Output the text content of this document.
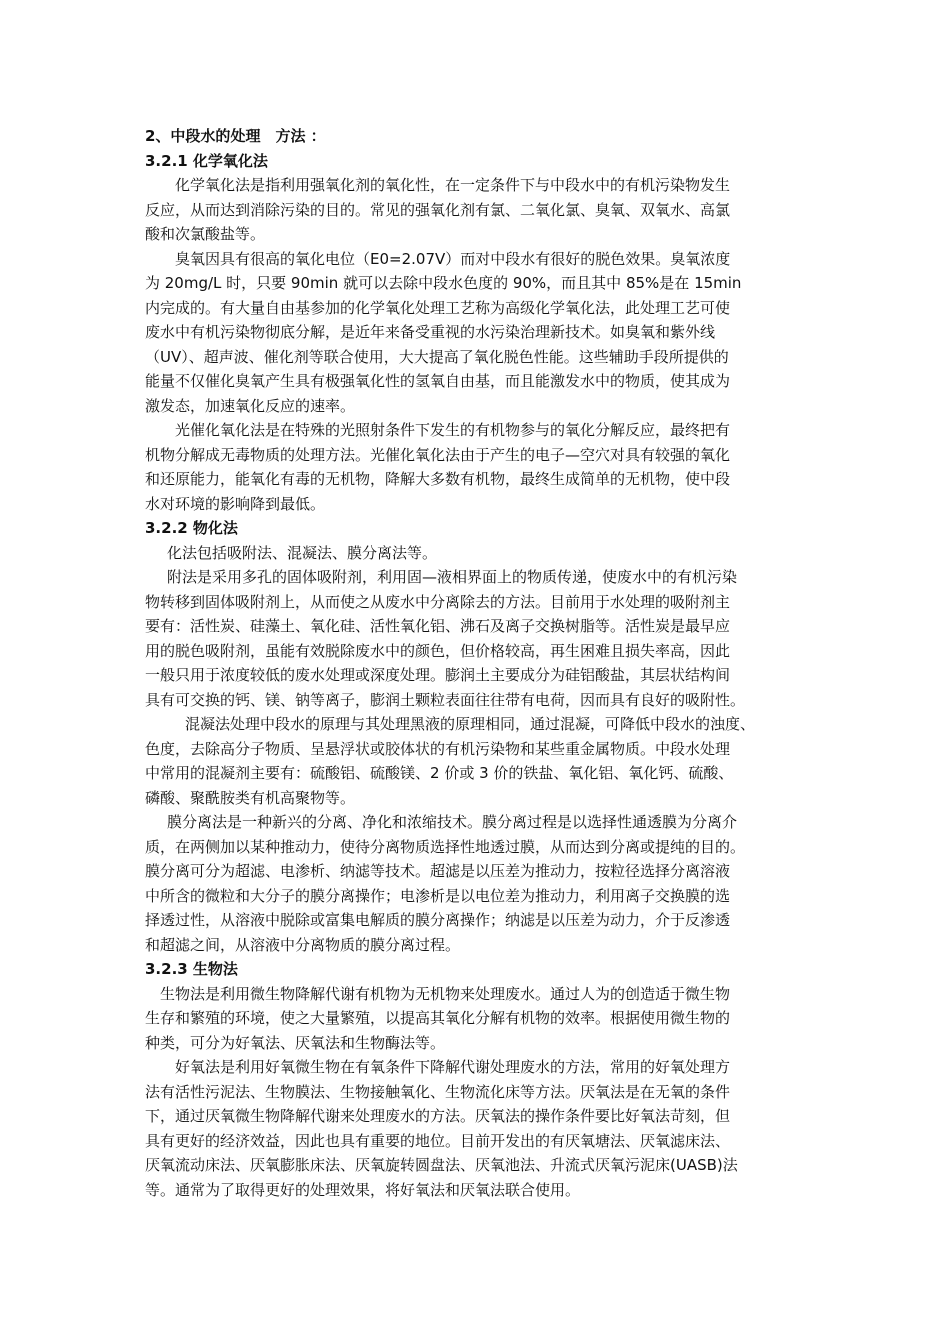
2、中段水的处理　方法 ：
3.2.1 化学氧化法
化学氧化法是指利用强氧化剂的氧化性，在一定条件下与中段水中的有机污染物发生
反应，从而达到消除污染的目的。常见的强氧化剂有氯、二氧化氯、臭氧、双氧水、高氯
酸和次氯酸盐等。
臭氧因具有很高的氧化电位（E0=2.07V）而对中段水有很好的脱色效果。臭氧浓度
为 20mg/L 时，只要 90min 就可以去除中段水色度的 90%，而且其中 85%是在 15min
内完成的。有大量自由基参加的化学氧化处理工艺称为高级化学氧化法，此处理工艺可使
废水中有机污染物彻底分解，是近年来备受重视的水污染治理新技术。如臭氧和紫外线
（UV）、超声波、催化剂等联合使用，大大提高了氧化脱色性能。这些辅助手段所提供的
能量不仅催化臭氧产生具有极强氧化性的氢氧自由基，而且能激发水中的物质，使其成为
激发态，加速氧化反应的速率。
光催化氧化法是在特殊的光照射条件下发生的有机物参与的氧化分解反应，最终把有
机物分解成无毒物质的处理方法。光催化氧化法由于产生的电子—空穴对具有较强的氧化
和还原能力，能氧化有毒的无机物，降解大多数有机物，最终生成简单的无机物，使中段
水对环境的影响降到最低。
3.2.2 物化法
化法包括吸附法、混凝法、膜分离法等。
附法是采用多孔的固体吸附剂，利用固—液相界面上的物质传递，使废水中的有机污染
物转移到固体吸附剂上，从而使之从废水中分离除去的方法。目前用于水处理的吸附剂主
要有：活性炭、硅藻土、氧化硅、活性氧化铝、沸石及离子交换树脂等。活性炭是最早应
用的脱色吸附剂，虽能有效脱除废水中的颜色，但价格较高，再生困难且损失率高，因此
一般只用于浓度较低的废水处理或深度处理。膨润土主要成分为硅铝酸盐，其层状结构间
具有可交换的钙、镁、钠等离子，膨润土颗粒表面往往带有电荷，因而具有良好的吸附性。
混凝法处理中段水的原理与其处理黑液的原理相同，通过混凝，可降低中段水的浊度、
色度，去除高分子物质、呈悬浮状或胶体状的有机污染物和某些重金属物质。中段水处理
中常用的混凝剂主要有：硫酸铝、硫酸镁、2 价或 3 价的铁盐、氧化铝、氧化钙、硫酸、
磷酸、聚酰胺类有机高聚物等。
膜分离法是一种新兴的分离、净化和浓缩技术。膜分离过程是以选择性通透膜为分离介
质，在两侧加以某种推动力，使待分离物质选择性地透过膜，从而达到分离或提纯的目的。
膜分离可分为超滤、电渗析、纳滤等技术。超滤是以压差为推动力，按粒径选择分离溶液
中所含的微粒和大分子的膜分离操作；电渗析是以电位差为推动力，利用离子交换膜的选
择透过性，从溶液中脱除或富集电解质的膜分离操作；纳滤是以压差为动力，介于反渗透
和超滤之间，从溶液中分离物质的膜分离过程。
3.2.3 生物法
生物法是利用微生物降解代谢有机物为无机物来处理废水。通过人为的创造适于微生物
生存和繁殖的环境，使之大量繁殖，以提高其氧化分解有机物的效率。根据使用微生物的
种类，可分为好氧法、厌氧法和生物酶法等。
好氧法是利用好氧微生物在有氧条件下降解代谢处理废水的方法，常用的好氧处理方
法有活性污泥法、生物膜法、生物接触氧化、生物流化床等方法。厌氧法是在无氧的条件
下，通过厌氧微生物降解代谢来处理废水的方法。厌氧法的操作条件要比好氧法苛刻，但
具有更好的经济效益，因此也具有重要的地位。目前开发出的有厌氧塘法、厌氧滤床法、
厌氧流动床法、厌氧膨胀床法、厌氧旋转圆盘法、厌氧池法、升流式厌氧污泥床(UASB)法
等。通常为了取得更好的处理效果，将好氧法和厌氧法联合使用。
